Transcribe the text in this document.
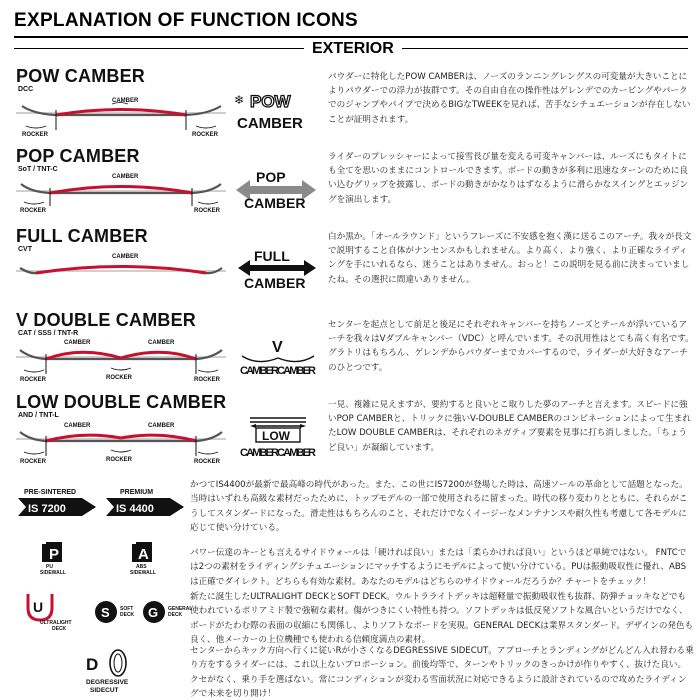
EXPLANATION OF FUNCTION ICONS
EXTERIOR
POW CAMBER
DCC
CAMBER
ROCKER	ROCKER
❄ POW
CAMBER
パウダーに特化したPOW CAMBERは、ノーズのランニングレングスの可変量が大きいことによりパウダーでの浮力が抜群です。その自由自在の操作性はゲレンデでのカービングやパークでのジャンプやパイプで決めるBIGなTWEEKを見れば、苦手なシチュエーションが存在しないことが証明されます。
POP CAMBER
SoT / TNT-C
CAMBER
ROCKER	ROCKER
POP
CAMBER
ライダーのプレッシャーによって接雪長び量を変える可変キャンバーは、ルーズにもタイトにも全てを思いのままにコントロールできます。ボードの動きが多利に迅速なターンのために良い込むグリップを披露し、ボードの動きがかなりはずなるように滑らかなスイングとエッジングを演出します。
FULL CAMBER
CVT
CAMBER	FULL
CAMBER
白か黒か。「オールラウンド」というフレーズに不安感を抱く漢に送るこのアーチ。我々が長文で説明すること自体がナンセンスかもしれません。より高く、より強く、より正確なライディングを手にいれるなら、迷うことはありません。おっと！この説明を見る前に決まっていましたね。その選択に間違いありません。
V DOUBLE CAMBER
CAT / SSS / TNT-R
CAMBER	CAMBER
ROCKER	ROCKER	ROCKER
V
CAMBERCAMBER
センターを起点として前足と後足にそれぞれキャンバーを持ちノーズとテールが浮いているアーチを我々はVダブルキャンバー（VDC）と呼んでいます。その汎用性はとても高く有名です。グラトリはもちろん、ゲレンデからパウダーまでカバーするので、ライダーが大好きなアーチのひとつです。
LOW DOUBLE CAMBER
AND / TNT-L
CAMBER	CAMBER
ROCKER	ROCKER	ROCKER
LOW
CAMBERCAMBER
一見、複雑に見えますが、要約すると良いとこ取りした夢のアーチと言えます。スピードに強いPOP CAMBERと、トリックに強いV-DOUBLE CAMBERのコンビネーションによって生まれたLOW DOUBLE CAMBERは、それぞれのネガティブ要素を見事に打ち消しました。「ちょうど良い」が凝縮しています。
PRE-SINTERED
IS 7200
PREMIUM
IS 4400
かつてIS4400が最新で最高峰の時代があった。また、この世にIS7200が登場した時は、高速ソールの革命として話題となった。当時はいずれも高級な素材だったために、トップモデルの一部で使用されるに留まった。時代の移り変わりとともに、それらがこうしてスタンダードになった。滑走性はもちろんのこと、それだけでなくイージーなメンテナンスや耐久性も考慮して各モデルに応じて使い分けている。
P
PU
SIDEWALL
A
ABS
SIDEWALL
パワー伝達のキーとも言えるサイドウォールは「硬ければ良い」または「柔らかければ良い」というほど単純ではない。 FNTCでは2つの素材をライディングシチュエーションにマッチするようにモデルによって使い分けている。PUは振動吸収性に優れ、ABSは正確でダイレクト。どちらも有効な素材。あなたのモデルはどちらのサイドウォールだろうか？チャートをチェック！
U
ULTRALIGHT
DECK
S SOFT
DECK G GENERAL
DECK
新たに誕生したULTRALIGHT DECKとSOFT DECK。ウルトラライトデッキは超軽量で振動吸収性も抜群、防弾チョッキなどでも使われているポリアミド製で強靭な素材。傷がつきにくい特性も持つ。ソフトデッキは低反発ソフトな風合いというだけでなく、ボードがたわむ際の表面の収縮にも関係し、よりソフトなボードを実現。GENERAL DECKは業界スタンダード。デザインの発色も良く、他メーカーの上位機種でも使われる信頼度満点の素材。
D
DEGRESSIVE
SIDECUT
センターからキック方向へ行くに従いRが小さくなるDEGRESSIVE SIDECUT。アプローチとランディングがどんどん入れ替わる乗り方をするライダーには、これ以上ないプロポーション。前後均等で、ターンやトリックのきっかけが作りやすく、抜けた良い。クセがなく、乗り手を選ばない。常にコンディションが変わる雪面状況に対応できるように設計されているので攻めたライディングで未来を切り開け！
